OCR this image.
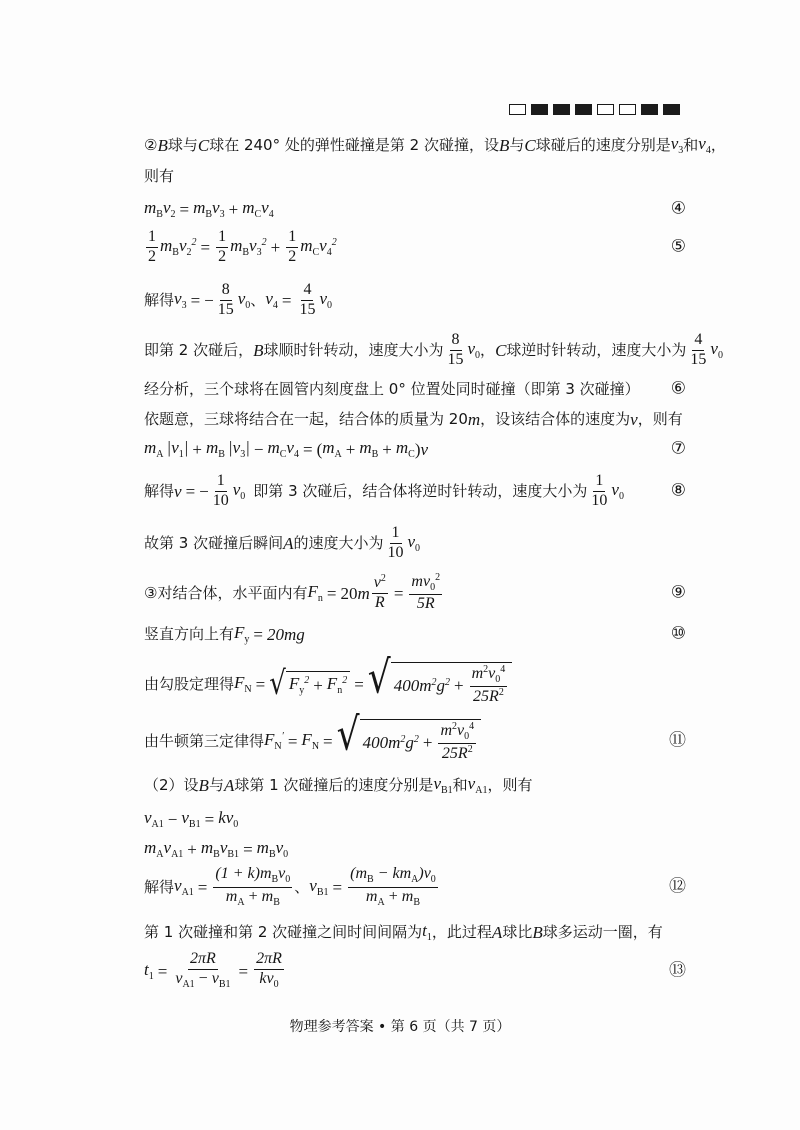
② B 球与 C 球在 240° 处的弹性碰撞是第 2 次碰撞，设 B 与 C 球碰后的速度分别是 $v_3$ 和 $v_4$ ，
则有
$m_Bv_2 = m_Bv_3 + m_Cv_4$	④
$\frac{1}{2} m_Bv_2^2 = \frac{1}{2} m_Bv_3^2 + \frac{1}{2} m_Cv_4^2$	⑤
解得 $v_3$ = − $\frac{8}{15} v_0$ 、 $v_4 = \frac{4}{15} v_0$
即第 2 次碰后， B 球顺时针转动，速度大小为 $\frac{8}{15} v_0$ ， C 球逆时针转动，速度大小为 $\frac{4}{15} v_0$
经分析，三个球将在圆管内刻度盘上 0° 位置处同时碰撞（即第 3 次碰撞） ⑥
依题意，三球将结合在一起，结合体的质量为 20 m ，设该结合体的速度为 v ，则有
$m_A$ $|v_1| + m_B$ $|v_3| - m_Cv_4$ = ( $m_A + m_B + m_C$ ) v	⑦
解得 v = − $\frac{1}{10} v_0$ 即第 3 次碰后，结合体将逆时针转动，速度大小为 $\frac{1}{10} v_0$	⑧
故第 3 次碰撞后瞬间 A 的速度大小为 $\frac{1}{10} v_0$
③对结合体，水平面内有 $F_n = 20$ m $\frac{v^2}{R} = \frac{mv_0^2}{5R}$	⑨
竖直方向上有 $F_y = 20mg$	⑩
由勾股定理得 $F_N$ = √ $F_y^2 + F_n^2$ = √ $400m^2g^2 + \frac{m^2v_0^4}{25R^2}$
由牛顿第三定律得 $F_N' = F_N$ = √ $400m^2g^2 + \frac{m^2v_0^4}{25R^2}$	⑪
（2）设 B 与 A 球第 1 次碰撞后的速度分别是 $v_{B1}$ 和 $v_{A1}$ ，则有
$v_{A1} - v_{B1} = kv_0$
$m_Av_{A1} + m_Bv_{B1} = m_Bv_0$
解得 $v_{A1} = \frac{(1 + k)m_Bv_0}{m_A + m_B}$ 、 $v_{B1} = \frac{(m_B - km_A)v_0}{m_A + m_B}$	⑫
第 1 次碰撞和第 2 次碰撞之间时间间隔为 $t_1$ ，此过程 A 球比 B 球多运动一圈，有
$t_1 = \frac{2\pi R}{v_{A1} - v_{B1}} = \frac{2\pi R}{kv_0}$	⑬
物理参考答案 • 第 6 页（共 7 页）
